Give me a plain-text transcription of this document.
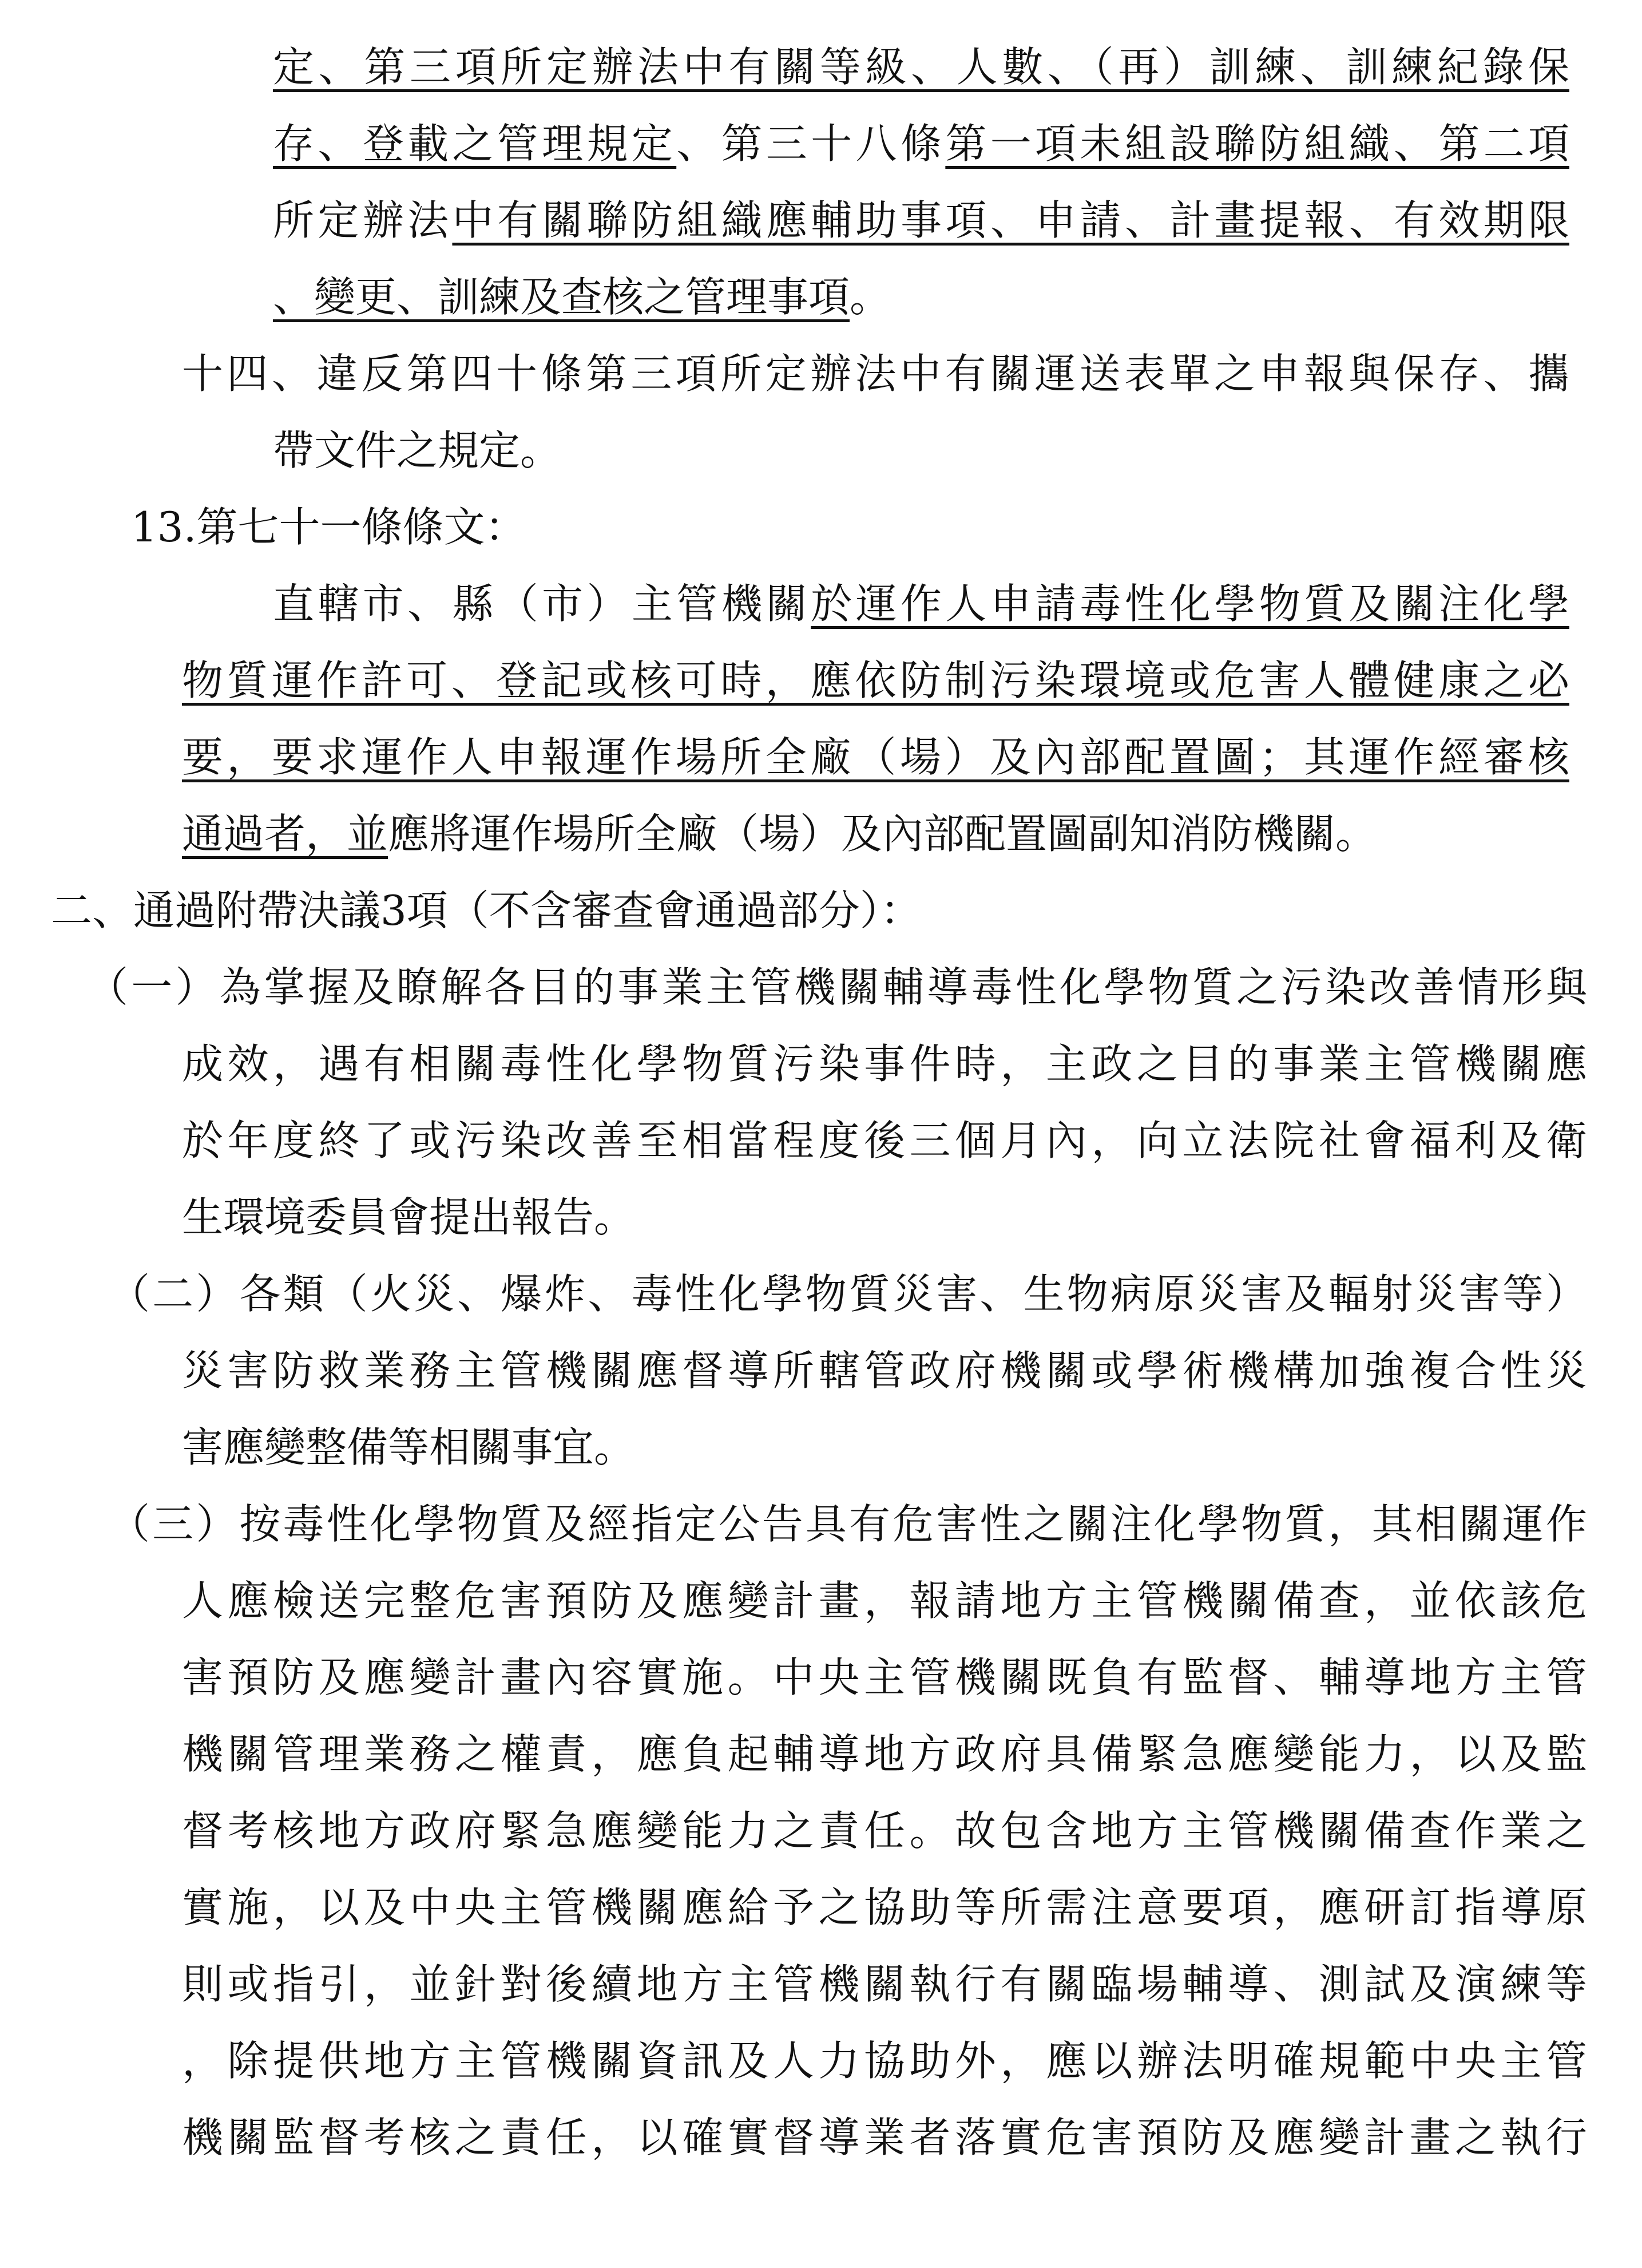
定、第三項所定辦法中有關等級、人數、（再）訓練、訓練紀錄保
存、登載之管理規定、第三十八條第一項未組設聯防組織、第二項
所定辦法中有關聯防組織應輔助事項、申請、計畫提報、有效期限
、變更、訓練及查核之管理事項。
十四、違反第四十條第三項所定辦法中有關運送表單之申報與保存、攜
帶文件之規定。
13.第七十一條條文：
直轄市、縣（市）主管機關於運作人申請毒性化學物質及關注化學
物質運作許可、登記或核可時，應依防制污染環境或危害人體健康之必
要，要求運作人申報運作場所全廠（場）及內部配置圖；其運作經審核
通過者，並應將運作場所全廠（場）及內部配置圖副知消防機關。
二、通過附帶決議3項（不含審查會通過部分）：
（一）為掌握及瞭解各目的事業主管機關輔導毒性化學物質之污染改善情形與
成效，遇有相關毒性化學物質污染事件時，主政之目的事業主管機關應
於年度終了或污染改善至相當程度後三個月內，向立法院社會福利及衛
生環境委員會提出報告。
（二）各類（火災、爆炸、毒性化學物質災害、生物病原災害及輻射災害等）
災害防救業務主管機關應督導所轄管政府機關或學術機構加強複合性災
害應變整備等相關事宜。
（三）按毒性化學物質及經指定公告具有危害性之關注化學物質，其相關運作
人應檢送完整危害預防及應變計畫，報請地方主管機關備查，並依該危
害預防及應變計畫內容實施。中央主管機關既負有監督、輔導地方主管
機關管理業務之權責，應負起輔導地方政府具備緊急應變能力，以及監
督考核地方政府緊急應變能力之責任。故包含地方主管機關備查作業之
實施，以及中央主管機關應給予之協助等所需注意要項，應研訂指導原
則或指引，並針對後續地方主管機關執行有關臨場輔導、測試及演練等
，除提供地方主管機關資訊及人力協助外，應以辦法明確規範中央主管
機關監督考核之責任，以確實督導業者落實危害預防及應變計畫之執行
